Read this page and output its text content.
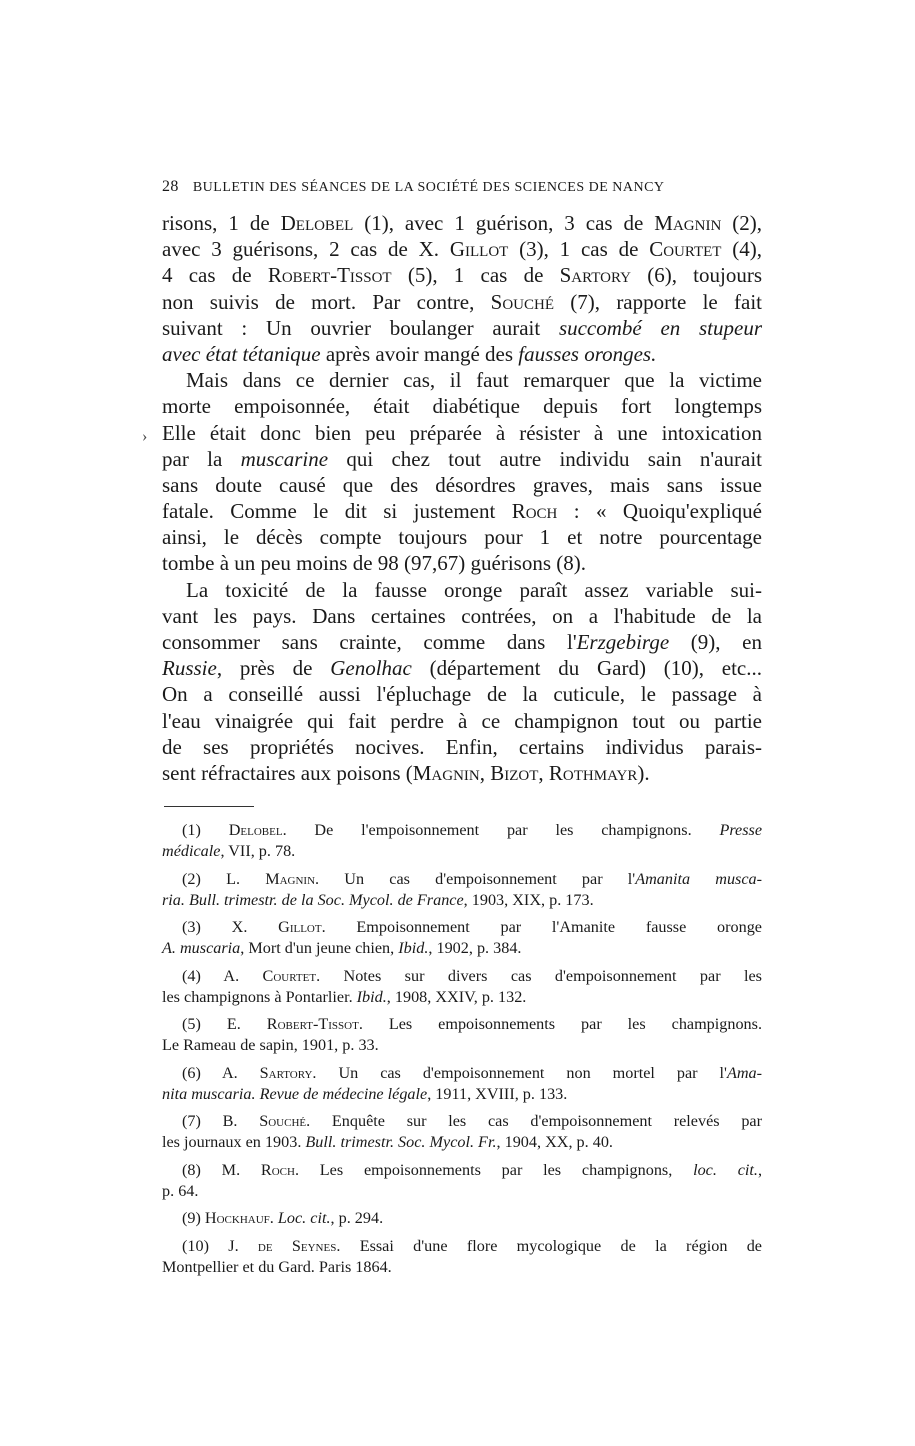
28 BULLETIN DES SÉANCES DE LA SOCIÉTÉ DES SCIENCES DE NANCY
›
risons, 1 de Delobel (1), avec 1 guérison, 3 cas de Magnin (2),
avec 3 guérisons, 2 cas de X. Gillot (3), 1 cas de Courtet (4),
4 cas de Robert-Tissot (5), 1 cas de Sartory (6), toujours
non suivis de mort. Par contre, Souché (7), rapporte le fait
suivant : Un ouvrier boulanger aurait succombé en stupeur
avec état tétanique après avoir mangé des fausses oronges.
Mais dans ce dernier cas, il faut remarquer que la victime
morte empoisonnée, était diabétique depuis fort longtemps
Elle était donc bien peu préparée à résister à une intoxication
par la muscarine qui chez tout autre individu sain n'aurait
sans doute causé que des désordres graves, mais sans issue
fatale. Comme le dit si justement Roch : « Quoiqu'expliqué
ainsi, le décès compte toujours pour 1 et notre pourcentage
tombe à un peu moins de 98 (97,67) guérisons (8).
La toxicité de la fausse oronge paraît assez variable sui-
vant les pays. Dans certaines contrées, on a l'habitude de la
consommer sans crainte, comme dans l'Erzgebirge (9), en
Russie, près de Genolhac (département du Gard) (10), etc...
On a conseillé aussi l'épluchage de la cuticule, le passage à
l'eau vinaigrée qui fait perdre à ce champignon tout ou partie
de ses propriétés nocives. Enfin, certains individus parais-
sent réfractaires aux poisons (Magnin, Bizot, Rothmayr).
(1) Delobel. De l'empoisonnement par les champignons. Presse
médicale, VII, p. 78.
(2) L. Magnin. Un cas d'empoisonnement par l'Amanita musca-
ria. Bull. trimestr. de la Soc. Mycol. de France, 1903, XIX, p. 173.
(3) X. Gillot. Empoisonnement par l'Amanite fausse oronge
A. muscaria, Mort d'un jeune chien, Ibid., 1902, p. 384.
(4) A. Courtet. Notes sur divers cas d'empoisonnement par les
les champignons à Pontarlier. Ibid., 1908, XXIV, p. 132.
(5) E. Robert-Tissot. Les empoisonnements par les champignons.
Le Rameau de sapin, 1901, p. 33.
(6) A. Sartory. Un cas d'empoisonnement non mortel par l'Ama-
nita muscaria. Revue de médecine légale, 1911, XVIII, p. 133.
(7) B. Souché. Enquête sur les cas d'empoisonnement relevés par
les journaux en 1903. Bull. trimestr. Soc. Mycol. Fr., 1904, XX, p. 40.
(8) M. Roch. Les empoisonnements par les champignons, loc. cit.,
p. 64.
(9) Hockhauf. Loc. cit., p. 294.
(10) J. de Seynes. Essai d'une flore mycologique de la région de
Montpellier et du Gard. Paris 1864.
